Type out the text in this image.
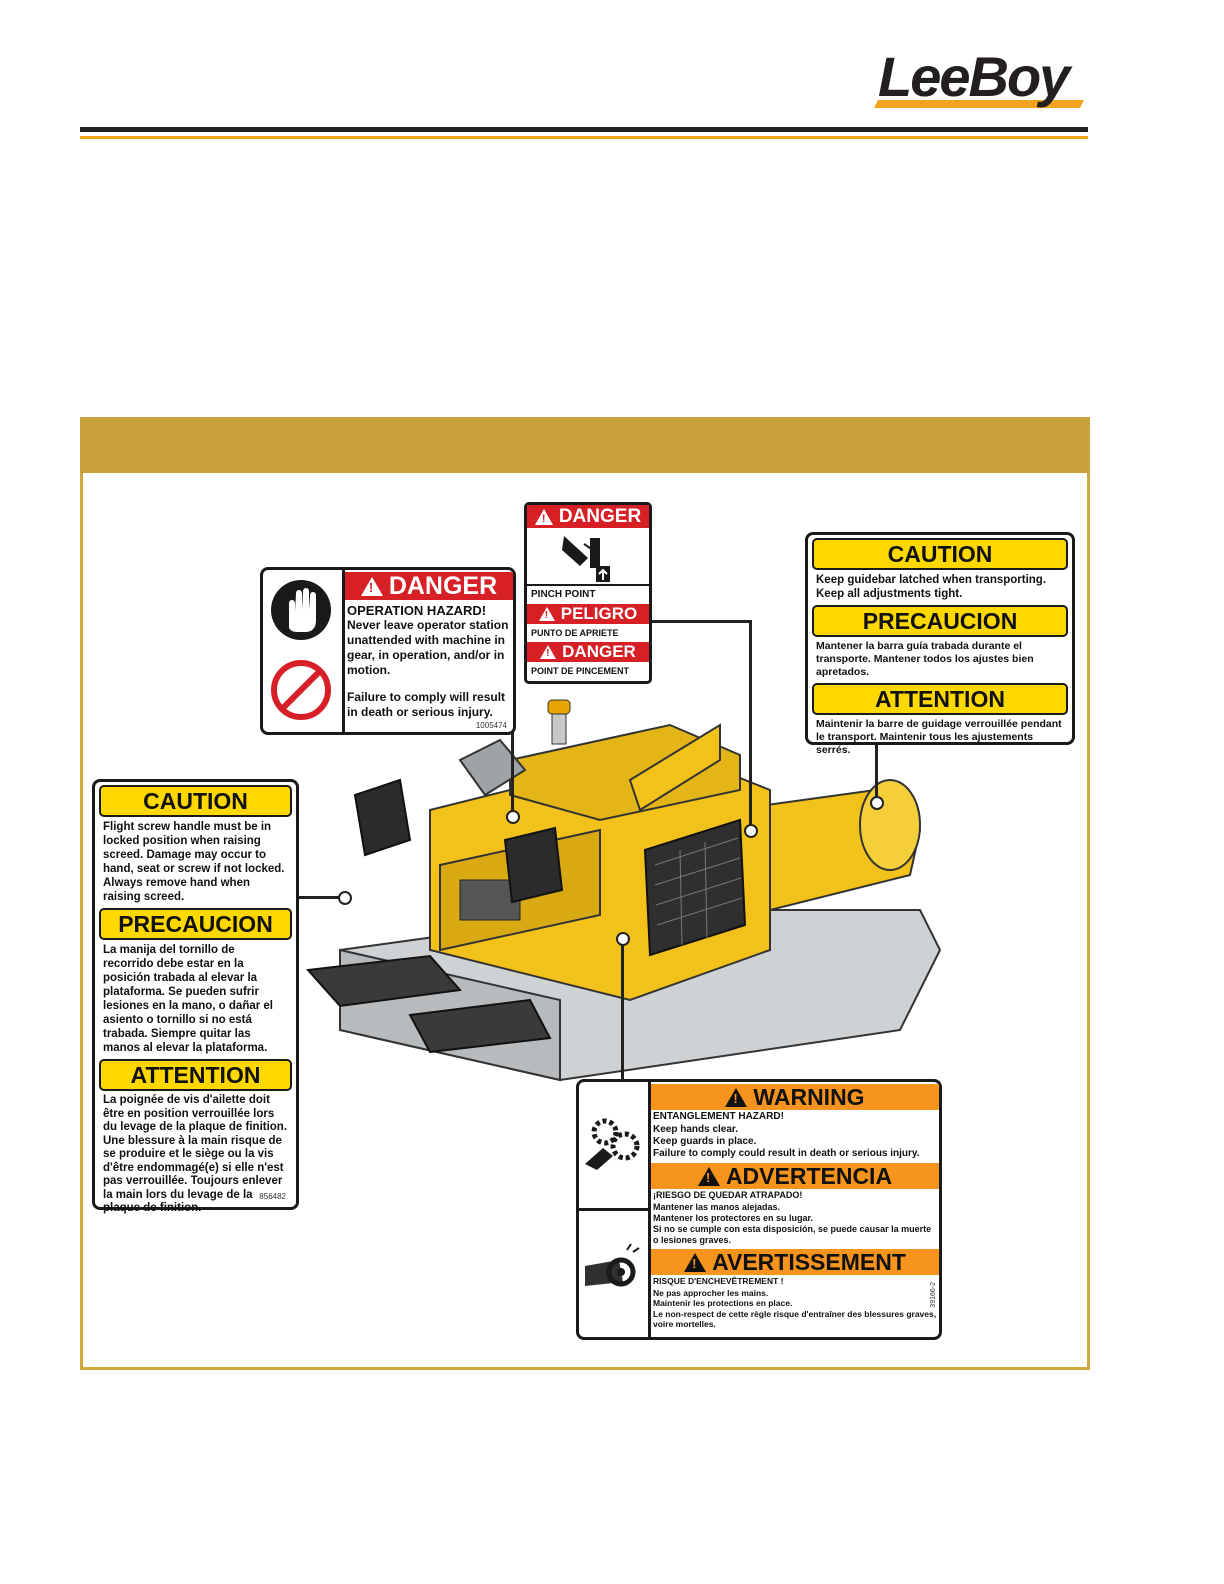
LeeBoy
! DANGER
OPERATION HAZARD!
Never leave operator station unattended with machine in gear, in operation, and/or in motion.
Failure to comply will result in death or serious injury.
1005474
! DANGER
PINCH POINT
! PELIGRO
PUNTO DE APRIETE
! DANGER
POINT DE PINCEMENT
CAUTION
Keep guidebar latched when transporting. Keep all adjustments tight.
PRECAUCION
Mantener la barra guía trabada durante el transporte. Mantener todos los ajustes bien apretados.
ATTENTION
Maintenir la barre de guidage verrouillée pendant le transport. Maintenir tous les ajustements serrés.
CAUTION
Flight screw handle must be in locked position when raising screed. Damage may occur to hand, seat or screw if not locked. Always remove hand when raising screed.
PRECAUCION
La manija del tornillo de recorrido debe estar en la posición trabada al elevar la plataforma. Se pueden sufrir lesiones en la mano, o dañar el asiento o tornillo si no está trabada. Siempre quitar las manos al elevar la plataforma.
ATTENTION
La poignée de vis d'ailette doit être en position verrouillée lors du levage de la plaque de finition. Une blessure à la main risque de se produire et le siège ou la vis d'être endommagé(e) si elle n'est pas verrouillée. Toujours enlever la main lors du levage de la plaque de finition.
856482
! WARNING
ENTANGLEMENT HAZARD!
Keep hands clear.
Keep guards in place.
Failure to comply could result in death or serious injury.
! ADVERTENCIA
¡RIESGO DE QUEDAR ATRAPADO!
Mantener las manos alejadas.
Mantener los protectores en su lugar.
Si no se cumple con esta disposición, se puede causar la muerte o lesiones graves.
! AVERTISSEMENT
RISQUE D'ENCHEVÊTREMENT !
Ne pas approcher les mains.
Maintenir les protections en place.
Le non-respect de cette règle risque d'entraîner des blessures graves, voire mortelles.
39166-2
